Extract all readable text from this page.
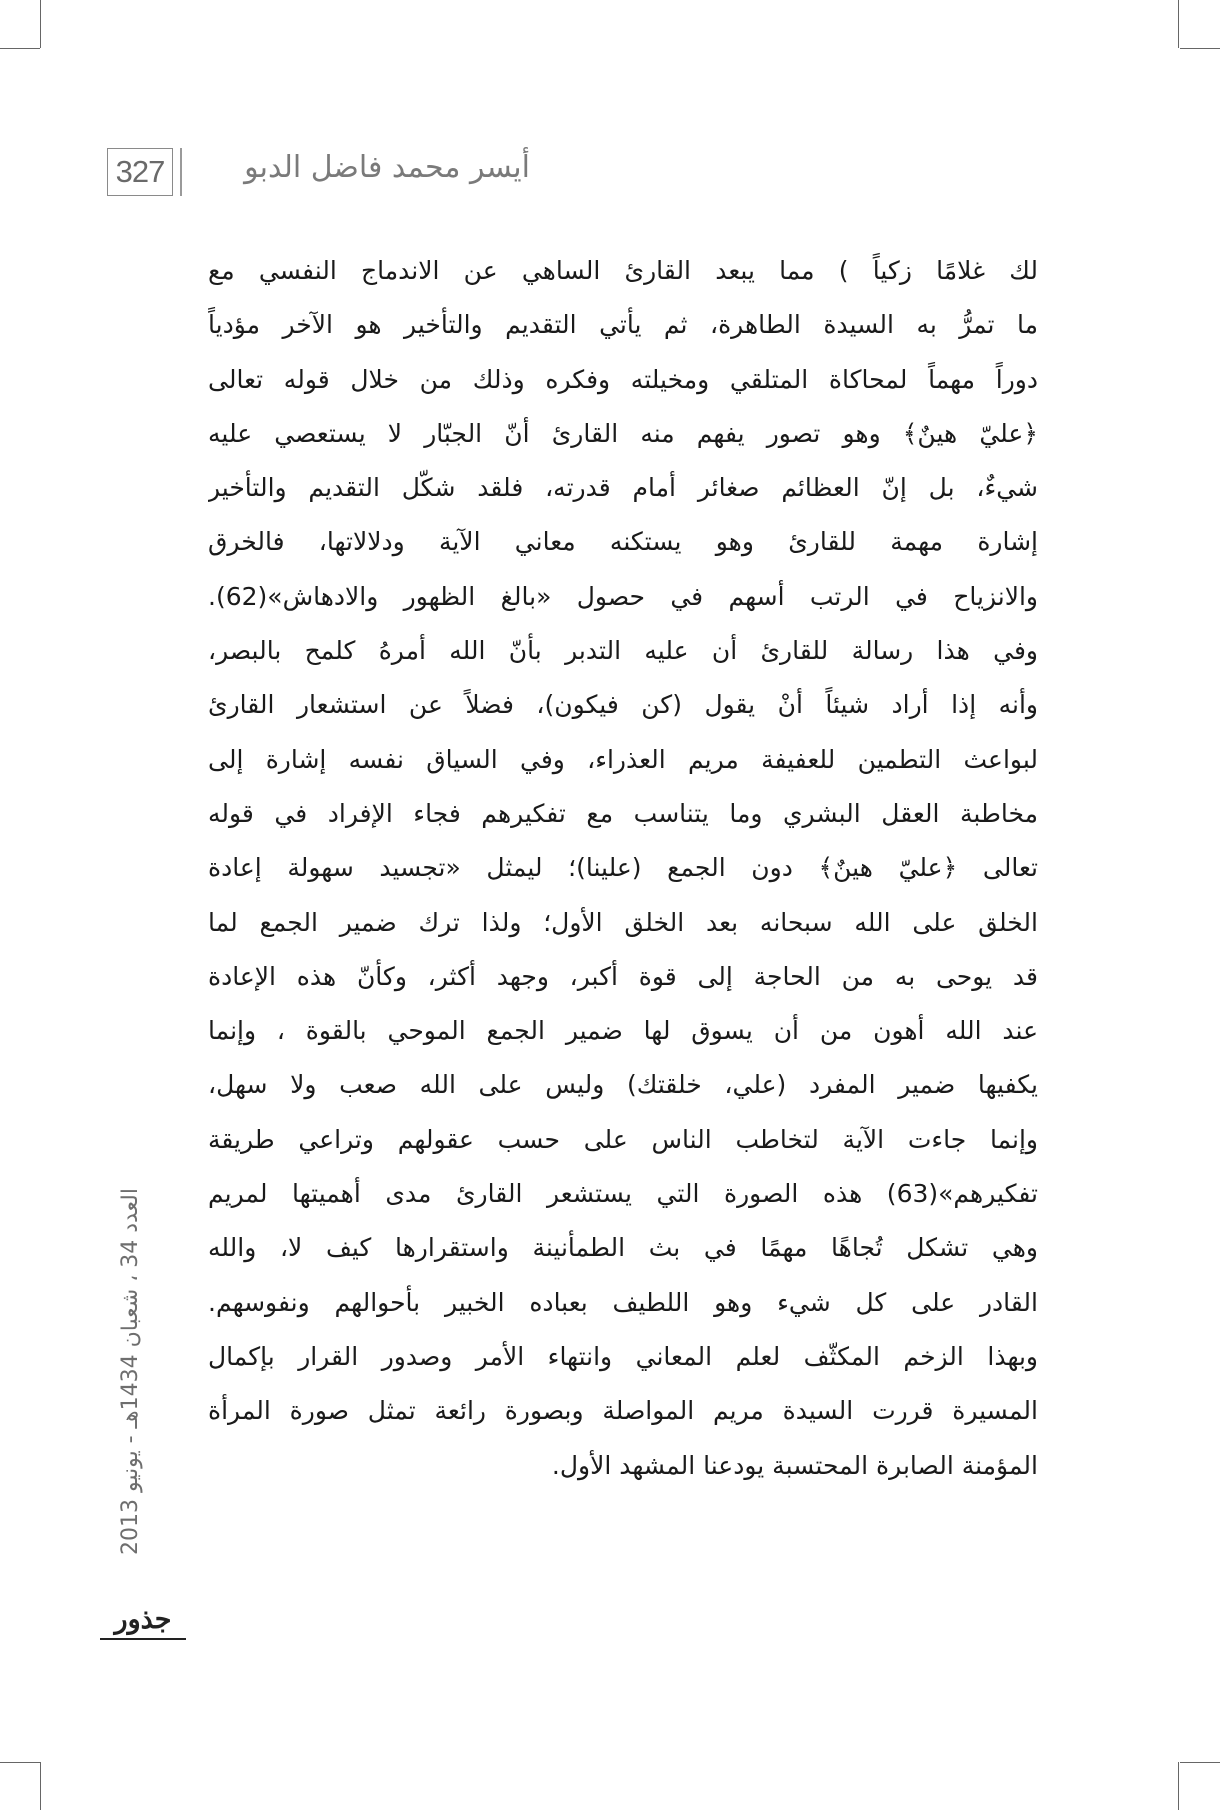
327	أيسر محمد فاضل الدبو
لك غلامًا زكياً ) مما يبعد القارئ الساهي عن الاندماج النفسي مع
ما تمرُّ به السيدة الطاهرة، ثم يأتي التقديم والتأخير هو الآخر مؤدياً
دوراً مهماً لمحاكاة المتلقي ومخيلته وفكره وذلك من خلال قوله تعالى
﴿عليّ هينٌ﴾ وهو تصور يفهم منه القارئ أنّ الجبّار لا يستعصي عليه
شيءٌ، بل إنّ العظائم صغائر أمام قدرته، فلقد شكّل التقديم والتأخير
إشارة مهمة للقارئ وهو يستكنه معاني الآية ودلالاتها، فالخرق
والانزياح في الرتب أسهم في حصول «بالغ الظهور والادهاش»(62).
وفي هذا رسالة للقارئ أن عليه التدبر بأنّ الله أمرهُ كلمح بالبصر،
وأنه إذا أراد شيئاً أنْ يقول (كن فيكون)، فضلاً عن استشعار القارئ
لبواعث التطمين للعفيفة مريم العذراء، وفي السياق نفسه إشارة إلى
مخاطبة العقل البشري وما يتناسب مع تفكيرهم فجاء الإفراد في قوله
تعالى ﴿عليّ هينٌ﴾ دون الجمع (علينا)؛ ليمثل «تجسيد سهولة إعادة
الخلق على الله سبحانه بعد الخلق الأول؛ ولذا ترك ضمير الجمع لما
قد يوحى به من الحاجة إلى قوة أكبر، وجهد أكثر، وكأنّ هذه الإعادة
عند الله أهون من أن يسوق لها ضمير الجمع الموحي بالقوة ، وإنما
يكفيها ضمير المفرد (علي، خلقتك) وليس على الله صعب ولا سهل،
وإنما جاءت الآية لتخاطب الناس على حسب عقولهم وتراعي طريقة
تفكيرهم»(63) هذه الصورة التي يستشعر القارئ مدى أهميتها لمريم
وهي تشكل تُجاهًا مهمًا في بث الطمأنينة واستقرارها كيف لا، والله
القادر على كل شيء وهو اللطيف بعباده الخبير بأحوالهم ونفوسهم.
وبهذا الزخم المكثّف لعلم المعاني وانتهاء الأمر وصدور القرار بإكمال
المسيرة قررت السيدة مريم المواصلة وبصورة رائعة تمثل صورة المرأة
المؤمنة الصابرة المحتسبة يودعنا المشهد الأول.
العدد 34 ، شعبان 1434هـ - يونيو 2013
جذور
